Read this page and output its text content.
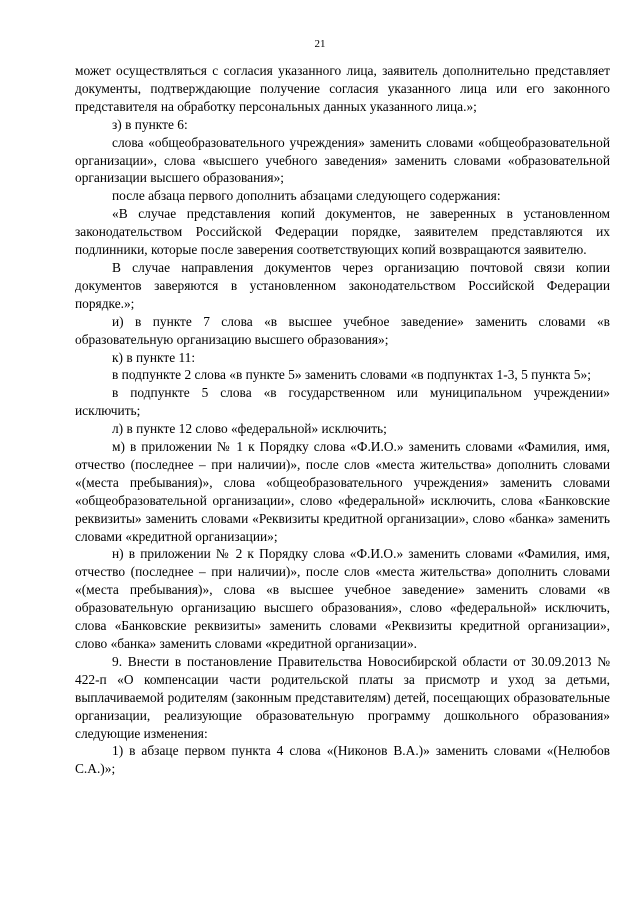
21

может осуществляться с согласия указанного лица, заявитель дополнительно представляет документы, подтверждающие получение согласия указанного лица или его законного представителя на обработку персональных данных указанного лица.»;

з) в пункте 6:

слова «общеобразовательного учреждения» заменить словами «общеобразовательной организации», слова «высшего учебного заведения» заменить словами «образовательной организации высшего образования»;

после абзаца первого дополнить абзацами следующего содержания:

«В случае представления копий документов, не заверенных в установленном законодательством Российской Федерации порядке, заявителем представляются их подлинники, которые после заверения соответствующих копий возвращаются заявителю.

В случае направления документов через организацию почтовой связи копии документов заверяются в установленном законодательством Российской Федерации порядке.»;

и) в пункте 7 слова «в высшее учебное заведение» заменить словами «в образовательную организацию высшего образования»;

к) в пункте 11:

в подпункте 2 слова «в пункте 5» заменить словами «в подпунктах 1-3, 5 пункта 5»;

в подпункте 5 слова «в государственном или муниципальном учреждении» исключить;

л) в пункте 12 слово «федеральной» исключить;

м) в приложении № 1 к Порядку слова «Ф.И.О.» заменить словами «Фамилия, имя, отчество (последнее – при наличии)», после слов «места жительства» дополнить словами «(места пребывания)», слова «общеобразовательного учреждения» заменить словами «общеобразовательной организации», слово «федеральной» исключить, слова «Банковские реквизиты» заменить словами «Реквизиты кредитной организации», слово «банка» заменить словами «кредитной организации»;

н) в приложении № 2 к Порядку слова «Ф.И.О.» заменить словами «Фамилия, имя, отчество (последнее – при наличии)», после слов «места жительства» дополнить словами «(места пребывания)», слова «в высшее учебное заведение» заменить словами «в образовательную организацию высшего образования», слово «федеральной» исключить, слова «Банковские реквизиты» заменить словами «Реквизиты кредитной организации», слово «банка» заменить словами «кредитной организации».

9. Внести в постановление Правительства Новосибирской области от 30.09.2013 № 422-п «О компенсации части родительской платы за присмотр и уход за детьми, выплачиваемой родителям (законным представителям) детей, посещающих образовательные организации, реализующие образовательную программу дошкольного образования» следующие изменения:

1) в абзаце первом пункта 4 слова «(Никонов В.А.)» заменить словами «(Нелюбов С.А.)»;
